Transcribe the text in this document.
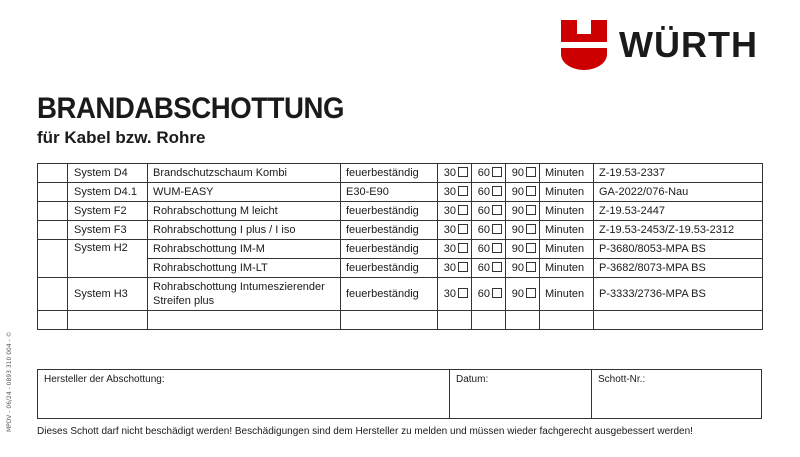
WÜRTH
BRANDABSCHOTTUNG
für Kabel bzw. Rohre
	System D4	Brandschutzschaum Kombi	feuerbeständig	30	60	90	Minuten	Z-19.53-2337
	System D4.1	WUM-EASY	E30-E90	30	60	90	Minuten	GA-2022/076-Nau
	System F2	Rohrabschottung M leicht	feuerbeständig	30	60	90	Minuten	Z-19.53-2447
	System F3	Rohrabschottung I plus / I iso	feuerbeständig	30	60	90	Minuten	Z-19.53-2453/Z-19.53-2312
	System H2	Rohrabschottung IM-M	feuerbeständig	30	60	90	Minuten	P-3680/8053-MPA BS
		Rohrabschottung IM-LT	feuerbeständig	30	60	90	Minuten	P-3682/8073-MPA BS
	System H3	Rohrabschottung Intumeszierender Streifen plus	feuerbeständig	30	60	90	Minuten	P-3333/2736-MPA BS

Hersteller der Abschottung:	Datum:	Schott-Nr.:
Dieses Schott darf nicht beschädigt werden! Beschädigungen sind dem Hersteller zu melden und müssen wieder fachgerecht ausgebessert werden!
MPDV - 06/24 - 0893 310 004 - ©
